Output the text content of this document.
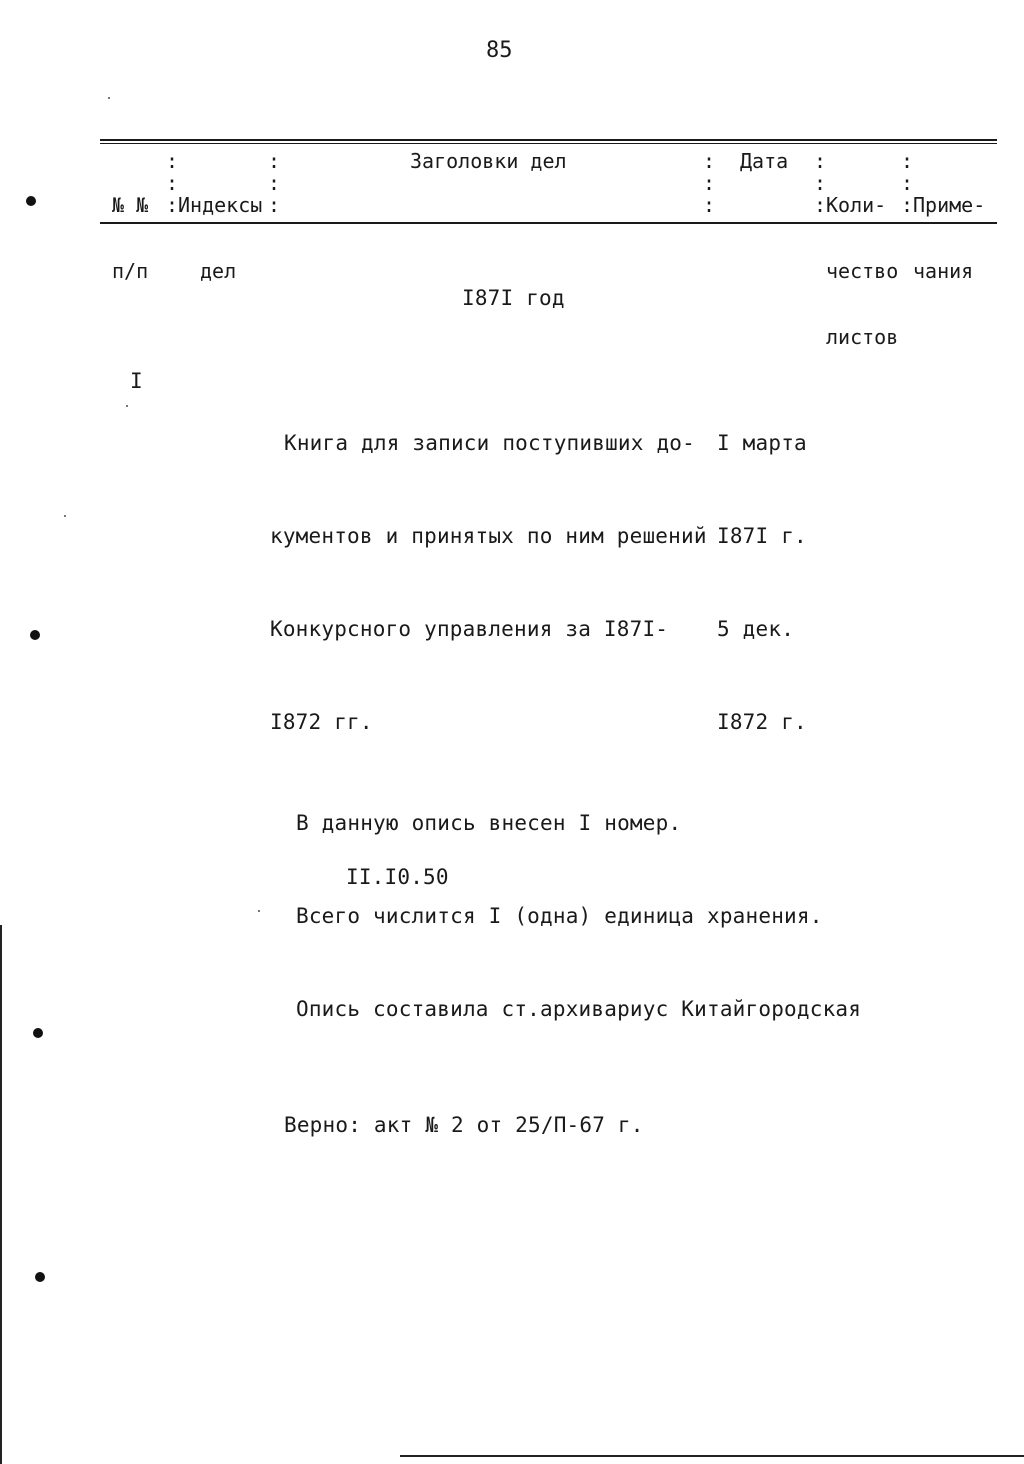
85

№ №

п/п

:
:
:

Индексы

дел

:
:
:
Заголовки дел	:
:
:
Дата :
:
:

Коли-

чество

листов

:
:
:

Приме-

чания

I87I год
I

Книга для записи поступивших до-

кументов и принятых по ним решений

Конкурсного управления за I87I-

I872 гг.

I марта

I87I г.

5 дек.

I872 г.

В данную опись внесен I номер.

Всего числится I (одна) единица хранения.

Опись составила ст.архивариус Китайгородская

II.I0.50
Верно: акт № 2 от 25/П-67 г.
